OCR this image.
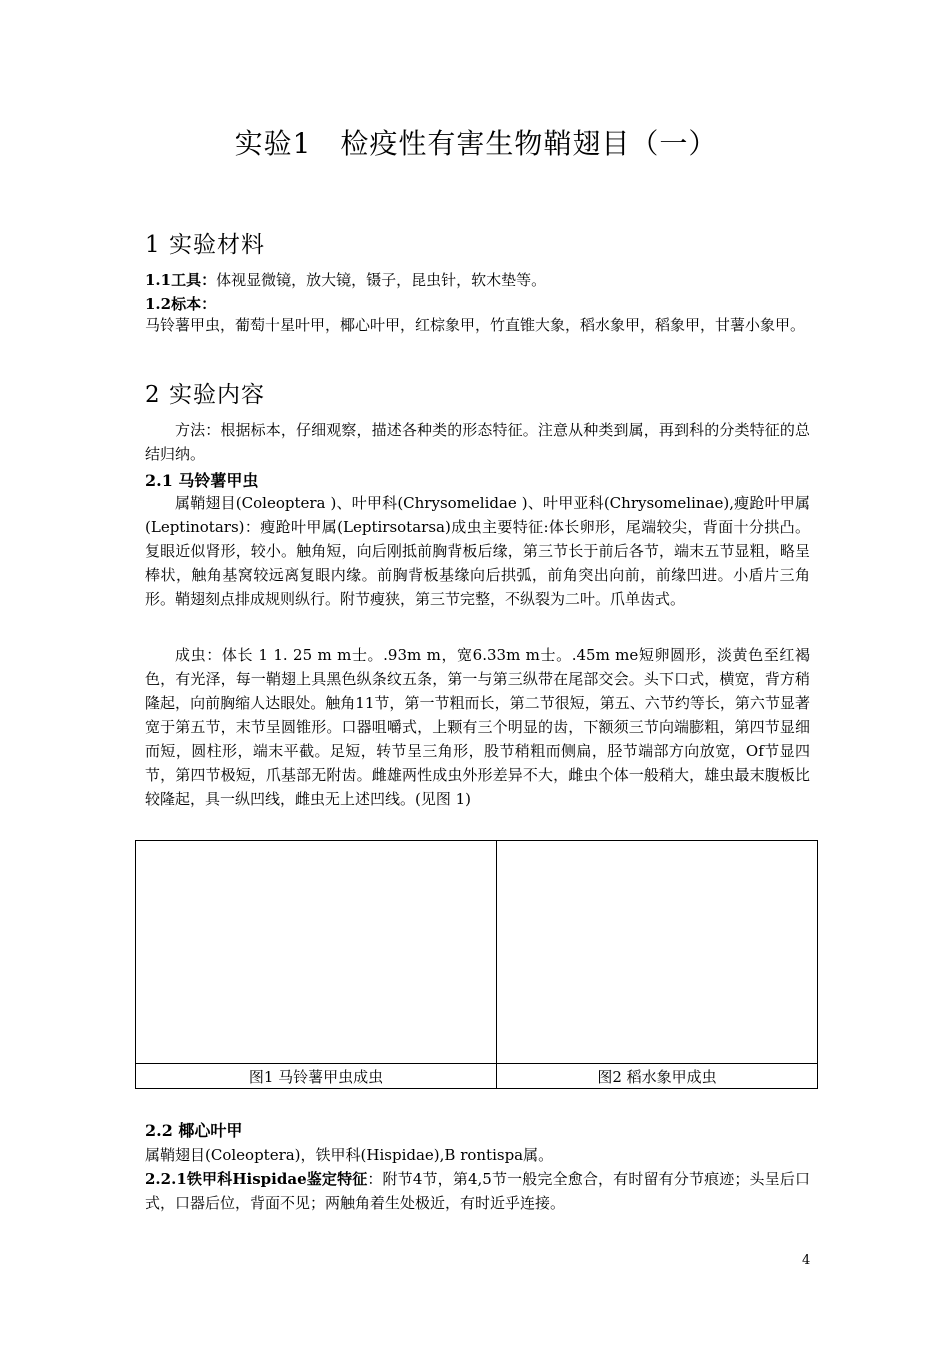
实验1　检疫性有害生物鞘翅目（一）
1 实验材料
1.1工具：体视显微镜，放大镜，镊子，昆虫针，软木垫等。
1.2标本：
马铃薯甲虫，葡萄十星叶甲，椰心叶甲，红棕象甲，竹直锥大象，稻水象甲，稻象甲，甘薯小象甲。
2 实验内容
方法：根据标本，仔细观察，描述各种类的形态特征。注意从种类到属，再到科的分类特征的总结归纳。
2.1 马铃薯甲虫
属鞘翅目(Coleoptera )、叶甲科(Chrysomelidae )、叶甲亚科(Chrysomelinae),瘦跄叶甲属(Leptinotars)：瘦跄叶甲属(Leptirsotarsa)成虫主要特征:体长卵形，尾端较尖，背面十分拱凸。复眼近似肾形，较小。触角短，向后刚抵前胸背板后缘，第三节长于前后各节，端末五节显粗，略呈棒状，触角基窝较远离复眼内缘。前胸背板基缘向后拱弧，前角突出向前，前缘凹进。小盾片三角形。鞘翅刻点排成规则纵行。附节瘦狭，第三节完整，不纵裂为二叶。爪单齿式。
成虫：体长 1 1. 25 m m士。.93m m，宽6.33m m士。.45m me短卵圆形，淡黄色至红褐色，有光泽，每一鞘翅上具黑色纵条纹五条，第一与第三纵带在尾部交会。头下口式，横宽，背方稍隆起，向前胸缩人达眼处。触角11节，第一节粗而长，第二节很短，第五、六节约等长，第六节显著宽于第五节，末节呈圆锥形。口器咀嚼式，上颗有三个明显的齿，下额须三节向端膨粗，第四节显细而短，圆柱形，端末平截。足短，转节呈三角形，股节稍粗而侧扁，胫节端部方向放宽，Of节显四节，第四节极短，爪基部无附齿。雌雄两性成虫外形差异不大，雌虫个体一般稍大，雄虫最末腹板比较隆起，具一纵凹线，雌虫无上述凹线。(见图 1)

图1 马铃薯甲虫成虫	图2 稻水象甲成虫
2.2 椰心叶甲
属鞘翅目(Coleoptera)，铁甲科(Hispidae),B rontispa属。
2.2.1铁甲科Hispidae鉴定特征：附节4节，第4,5节一般完全愈合，有时留有分节痕迹；头呈后口式，口器后位，背面不见；两触角着生处极近，有时近乎连接。
4
